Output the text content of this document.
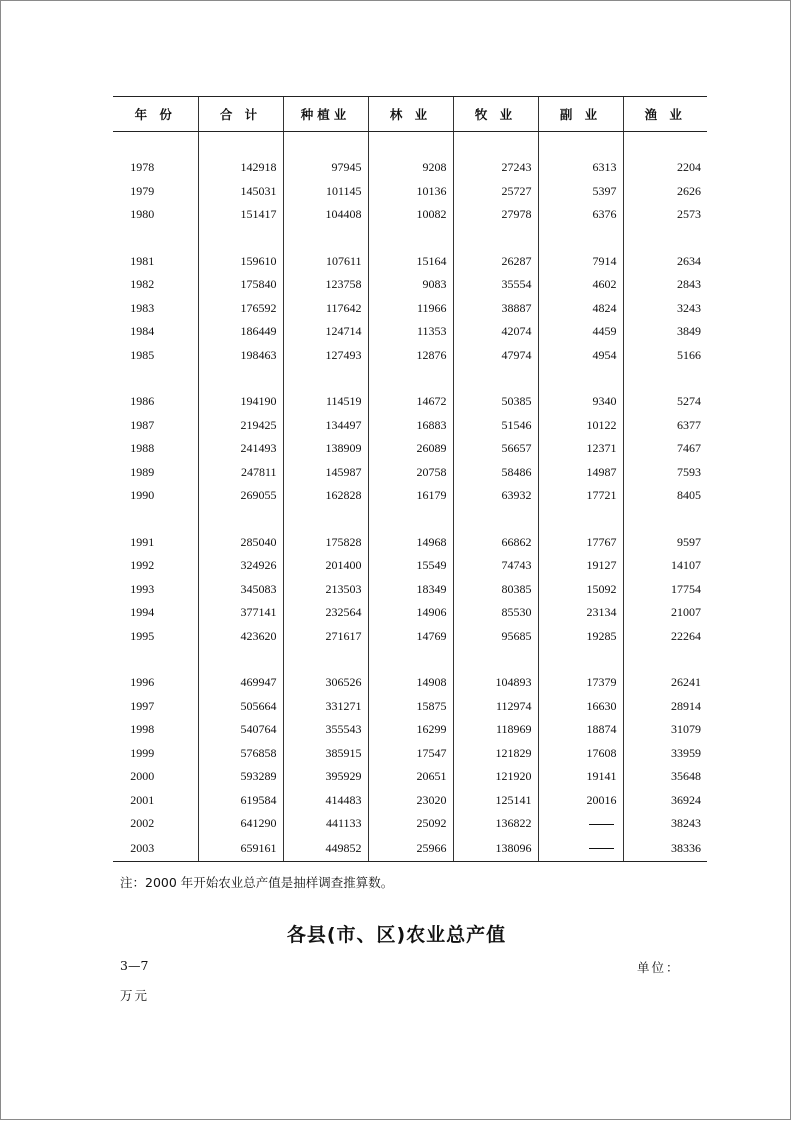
年 份	合 计	种植业	林 业	牧 业	副 业	渔 业

1978	142918	97945	9208	27243	6313	2204
1979	145031	101145	10136	25727	5397	2626
1980	151417	104408	10082	27978	6376	2573

1981	159610	107611	15164	26287	7914	2634
1982	175840	123758	9083	35554	4602	2843
1983	176592	117642	11966	38887	4824	3243
1984	186449	124714	11353	42074	4459	3849
1985	198463	127493	12876	47974	4954	5166

1986	194190	114519	14672	50385	9340	5274
1987	219425	134497	16883	51546	10122	6377
1988	241493	138909	26089	56657	12371	7467
1989	247811	145987	20758	58486	14987	7593
1990	269055	162828	16179	63932	17721	8405

1991	285040	175828	14968	66862	17767	9597
1992	324926	201400	15549	74743	19127	14107
1993	345083	213503	18349	80385	15092	17754
1994	377141	232564	14906	85530	23134	21007
1995	423620	271617	14769	95685	19285	22264

1996	469947	306526	14908	104893	17379	26241
1997	505664	331271	15875	112974	16630	28914
1998	540764	355543	16299	118969	18874	31079
1999	576858	385915	17547	121829	17608	33959
2000	593289	395929	20651	121920	19141	35648
2001	619584	414483	23020	125141	20016	36924
2002	641290	441133	25092	136822		38243
2003	659161	449852	25966	138096		38336
注：2000 年开始农业总产值是抽样调查推算数。
各县(市、区)农业总产值
3—7	单位：
万元
